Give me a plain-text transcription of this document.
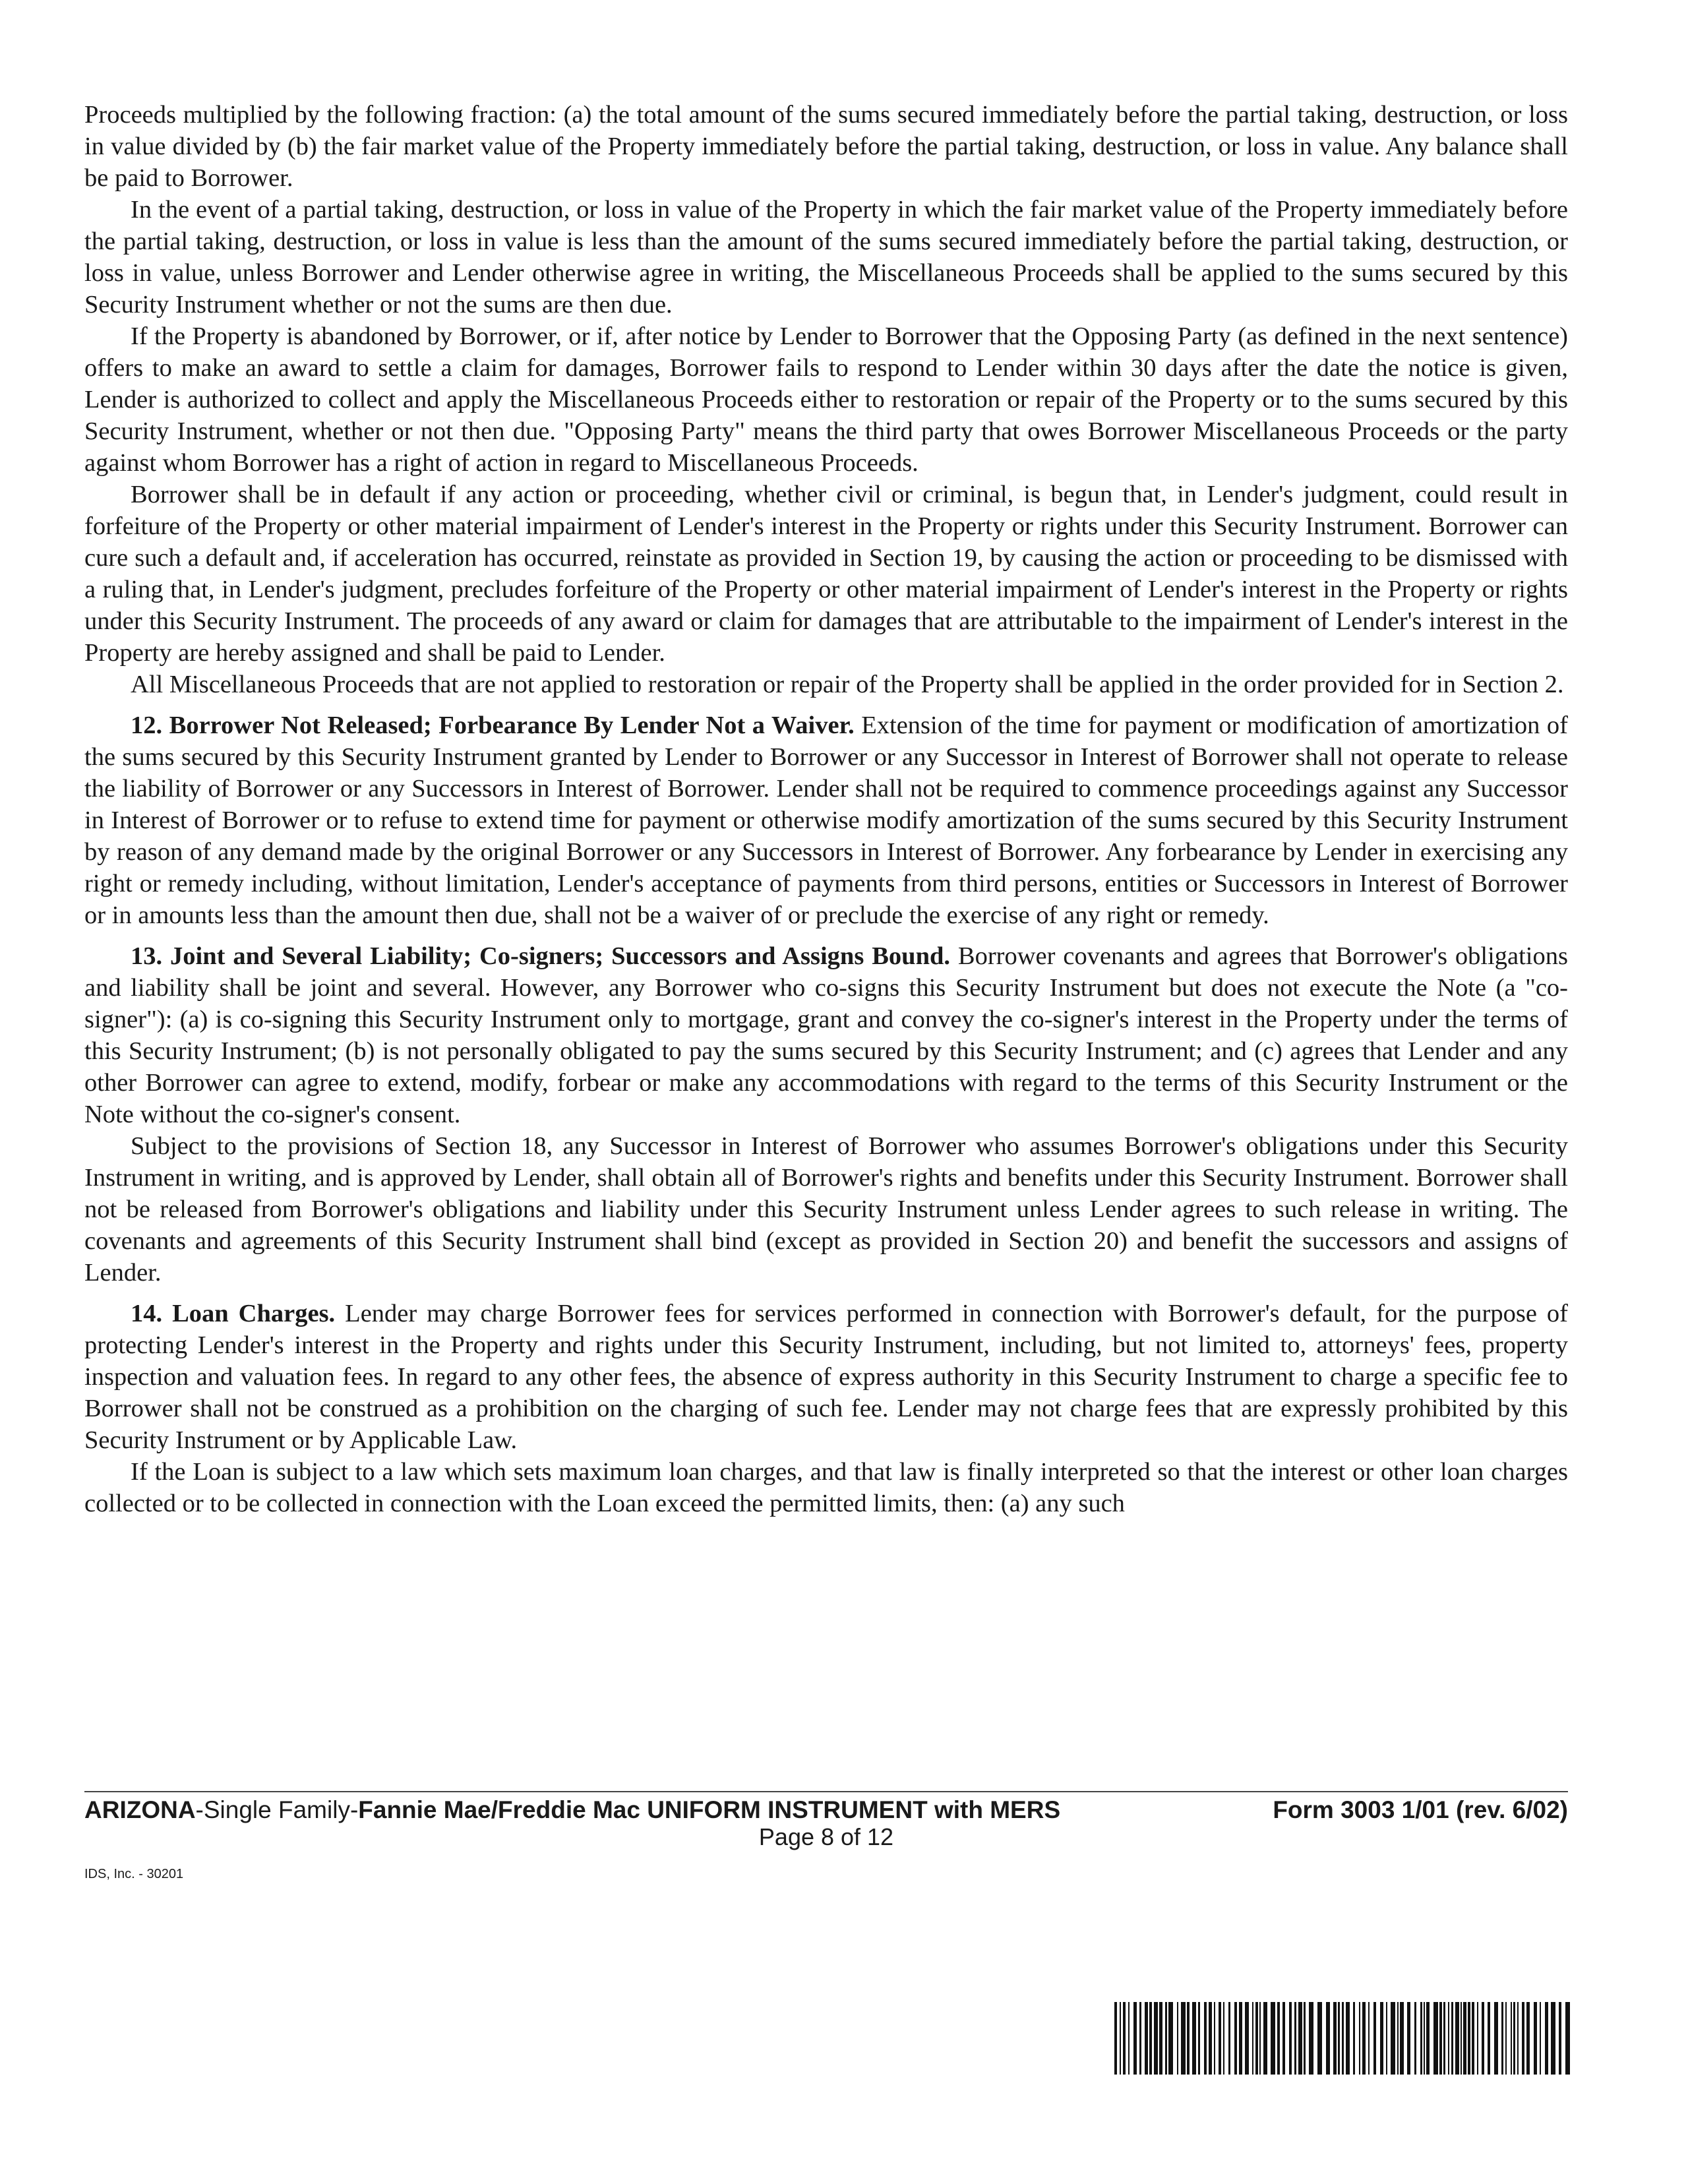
Proceeds multiplied by the following fraction: (a) the total amount of the sums secured immediately before the partial taking, destruction, or loss in value divided by (b) the fair market value of the Property immediately before the partial taking, destruction, or loss in value. Any balance shall be paid to Borrower.

In the event of a partial taking, destruction, or loss in value of the Property in which the fair market value of the Property immediately before the partial taking, destruction, or loss in value is less than the amount of the sums secured immediately before the partial taking, destruction, or loss in value, unless Borrower and Lender otherwise agree in writing, the Miscellaneous Proceeds shall be applied to the sums secured by this Security Instrument whether or not the sums are then due.

If the Property is abandoned by Borrower, or if, after notice by Lender to Borrower that the Opposing Party (as defined in the next sentence) offers to make an award to settle a claim for damages, Borrower fails to respond to Lender within 30 days after the date the notice is given, Lender is authorized to collect and apply the Miscellaneous Proceeds either to restoration or repair of the Property or to the sums secured by this Security Instrument, whether or not then due. "Opposing Party" means the third party that owes Borrower Miscellaneous Proceeds or the party against whom Borrower has a right of action in regard to Miscellaneous Proceeds.

Borrower shall be in default if any action or proceeding, whether civil or criminal, is begun that, in Lender's judgment, could result in forfeiture of the Property or other material impairment of Lender's interest in the Property or rights under this Security Instrument. Borrower can cure such a default and, if acceleration has occurred, reinstate as provided in Section 19, by causing the action or proceeding to be dismissed with a ruling that, in Lender's judgment, precludes forfeiture of the Property or other material impairment of Lender's interest in the Property or rights under this Security Instrument. The proceeds of any award or claim for damages that are attributable to the impairment of Lender's interest in the Property are hereby assigned and shall be paid to Lender.

All Miscellaneous Proceeds that are not applied to restoration or repair of the Property shall be applied in the order provided for in Section 2.

12. Borrower Not Released; Forbearance By Lender Not a Waiver. Extension of the time for payment or modification of amortization of the sums secured by this Security Instrument granted by Lender to Borrower or any Successor in Interest of Borrower shall not operate to release the liability of Borrower or any Successors in Interest of Borrower. Lender shall not be required to commence proceedings against any Successor in Interest of Borrower or to refuse to extend time for payment or otherwise modify amortization of the sums secured by this Security Instrument by reason of any demand made by the original Borrower or any Successors in Interest of Borrower. Any forbearance by Lender in exercising any right or remedy including, without limitation, Lender's acceptance of payments from third persons, entities or Successors in Interest of Borrower or in amounts less than the amount then due, shall not be a waiver of or preclude the exercise of any right or remedy.

13. Joint and Several Liability; Co-signers; Successors and Assigns Bound. Borrower covenants and agrees that Borrower's obligations and liability shall be joint and several. However, any Borrower who co-signs this Security Instrument but does not execute the Note (a "co-signer"): (a) is co-signing this Security Instrument only to mortgage, grant and convey the co-signer's interest in the Property under the terms of this Security Instrument; (b) is not personally obligated to pay the sums secured by this Security Instrument; and (c) agrees that Lender and any other Borrower can agree to extend, modify, forbear or make any accommodations with regard to the terms of this Security Instrument or the Note without the co-signer's consent.

Subject to the provisions of Section 18, any Successor in Interest of Borrower who assumes Borrower's obligations under this Security Instrument in writing, and is approved by Lender, shall obtain all of Borrower's rights and benefits under this Security Instrument. Borrower shall not be released from Borrower's obligations and liability under this Security Instrument unless Lender agrees to such release in writing. The covenants and agreements of this Security Instrument shall bind (except as provided in Section 20) and benefit the successors and assigns of Lender.

14. Loan Charges. Lender may charge Borrower fees for services performed in connection with Borrower's default, for the purpose of protecting Lender's interest in the Property and rights under this Security Instrument, including, but not limited to, attorneys' fees, property inspection and valuation fees. In regard to any other fees, the absence of express authority in this Security Instrument to charge a specific fee to Borrower shall not be construed as a prohibition on the charging of such fee. Lender may not charge fees that are expressly prohibited by this Security Instrument or by Applicable Law.

If the Loan is subject to a law which sets maximum loan charges, and that law is finally interpreted so that the interest or other loan charges collected or to be collected in connection with the Loan exceed the permitted limits, then: (a) any such

ARIZONA-Single Family-Fannie Mae/Freddie Mac UNIFORM INSTRUMENT with MERS	Form 3003 1/01 (rev. 6/02)
Page 8 of 12
IDS, Inc. - 30201
